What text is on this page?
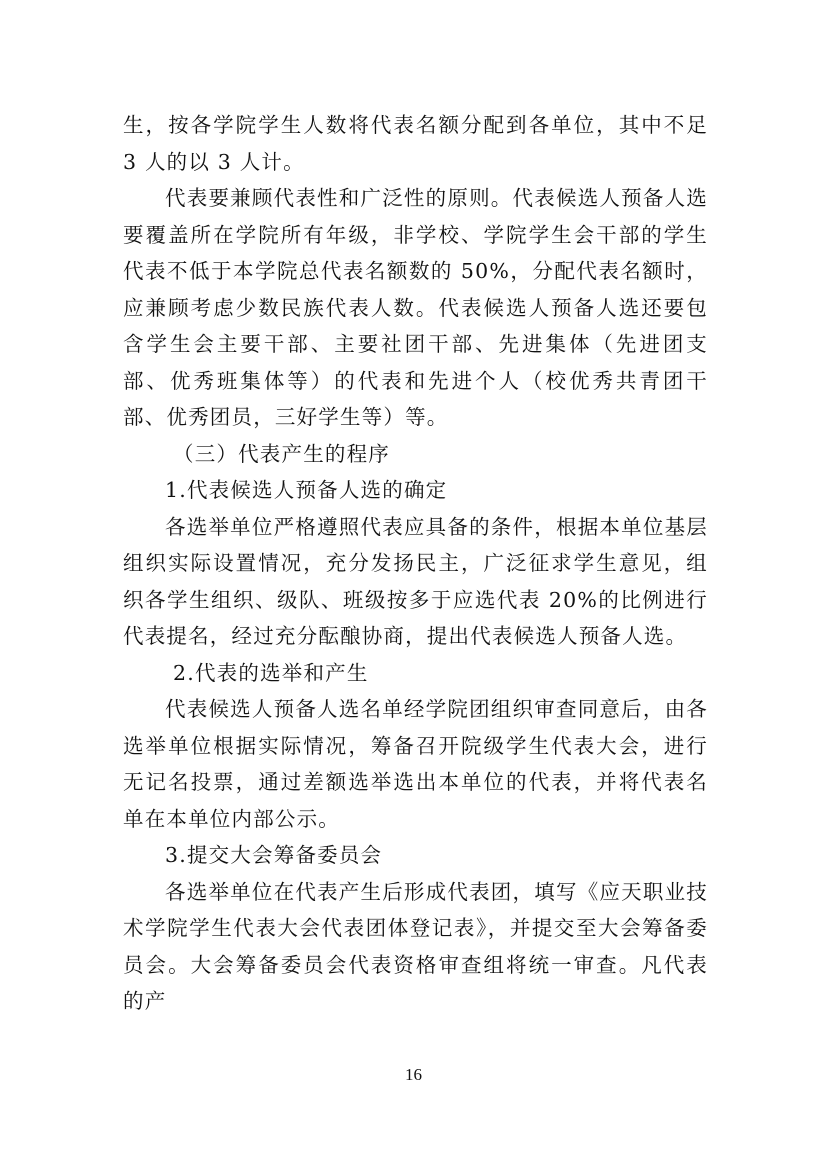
生，按各学院学生人数将代表名额分配到各单位，其中不足 3 人的以 3 人计。

代表要兼顾代表性和广泛性的原则。代表候选人预备人选要覆盖所在学院所有年级，非学校、学院学生会干部的学生代表不低于本学院总代表名额数的 50%，分配代表名额时，应兼顾考虑少数民族代表人数。代表候选人预备人选还要包含学生会主要干部、主要社团干部、先进集体（先进团支部、优秀班集体等）的代表和先进个人（校优秀共青团干部、优秀团员，三好学生等）等。

（三）代表产生的程序

1.代表候选人预备人选的确定

各选举单位严格遵照代表应具备的条件，根据本单位基层组织实际设置情况，充分发扬民主，广泛征求学生意见，组织各学生组织、级队、班级按多于应选代表 20%的比例进行代表提名，经过充分酝酿协商，提出代表候选人预备人选。

2.代表的选举和产生

代表候选人预备人选名单经学院团组织审查同意后，由各选举单位根据实际情况，筹备召开院级学生代表大会，进行无记名投票，通过差额选举选出本单位的代表，并将代表名单在本单位内部公示。

3.提交大会筹备委员会

各选举单位在代表产生后形成代表团，填写《应天职业技术学院学生代表大会代表团体登记表》，并提交至大会筹备委员会。大会筹备委员会代表资格审查组将统一审查。凡代表的产

16
